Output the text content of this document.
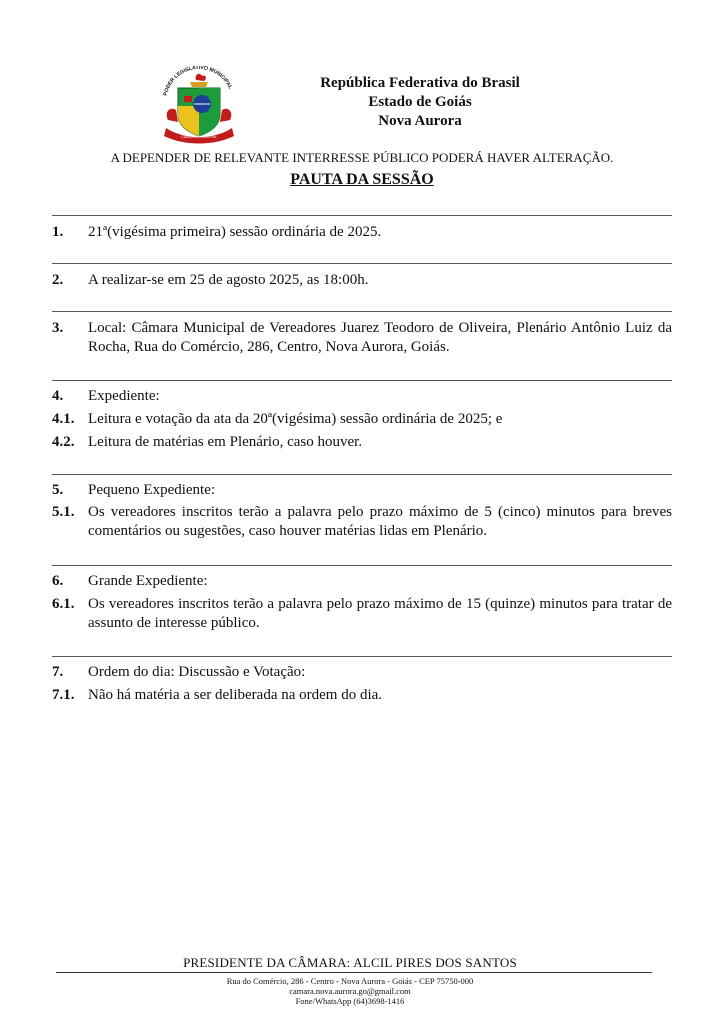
PODER LEGISLATIVO MUNICIPAL
CÂMARA MUNICIPAL
República Federativa do Brasil
Estado de Goiás
Nova Aurora
A DEPENDER DE RELEVANTE INTERRESSE PÚBLICO PODERÁ HAVER ALTERAÇÃO.
PAUTA DA SESSÃO
1. 21ª(vigésima primeira) sessão ordinária de 2025.
2. A realizar-se em 25 de agosto 2025, as 18:00h.
3. Local: Câmara Municipal de Vereadores Juarez Teodoro de Oliveira, Plenário Antônio Luiz da Rocha, Rua do Comércio, 286, Centro, Nova Aurora, Goiás.
4. Expediente:
4.1. Leitura e votação da ata da 20ª(vigésima) sessão ordinária de 2025; e
4.2. Leitura de matérias em Plenário, caso houver.
5. Pequeno Expediente:
5.1. Os vereadores inscritos terão a palavra pelo prazo máximo de 5 (cinco) minutos para breves comentários ou sugestões, caso houver matérias lidas em Plenário.
6. Grande Expediente:
6.1. Os vereadores inscritos terão a palavra pelo prazo máximo de 15 (quinze) minutos para tratar de assunto de interesse público.
7. Ordem do dia: Discussão e Votação:
7.1. Não há matéria a ser deliberada na ordem do dia.
PRESIDENTE DA CÂMARA: ALCIL PIRES DOS SANTOS
Rua do Comércio, 286 - Centro - Nova Aurora - Goiás - CEP 75750-000
camara.nova.aurora.go@gmail.com
Fone/WhatsApp (64)3698-1416
